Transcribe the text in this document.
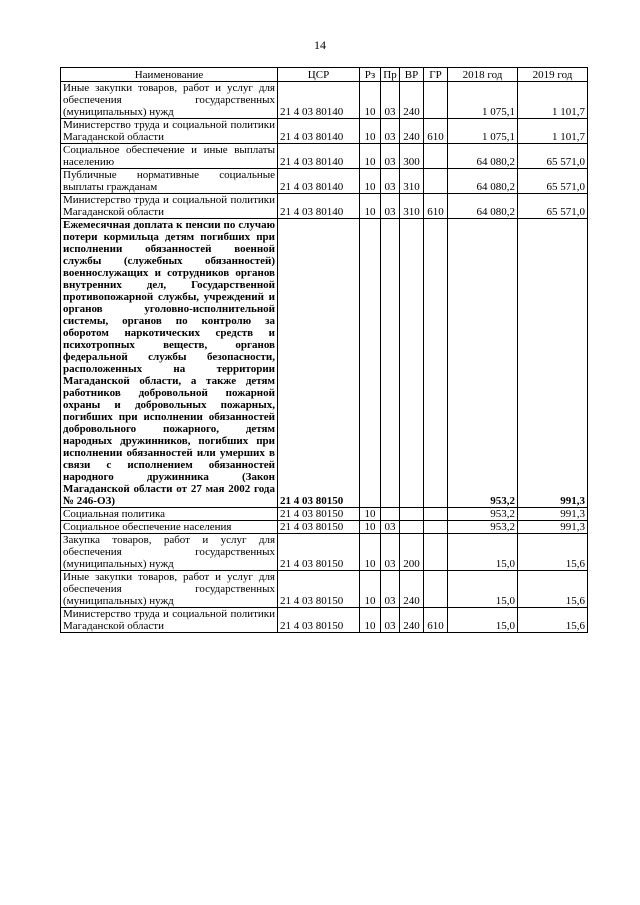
14
Наименование	ЦСР	Рз	Пр	ВР	ГР	2018 год	2019 год
Иные закупки товаров, работ и услуг для обеспечения государственных (муниципальных) нужд	21 4 03 80140	10	03	240		1 075,1	1 101,7
Министерство труда и социальной политики Магаданской области	21 4 03 80140	10	03	240	610	1 075,1	1 101,7
Социальное обеспечение и иные выплаты населению	21 4 03 80140	10	03	300		64 080,2	65 571,0
Публичные нормативные социальные выплаты гражданам	21 4 03 80140	10	03	310		64 080,2	65 571,0
Министерство труда и социальной политики Магаданской области	21 4 03 80140	10	03	310	610	64 080,2	65 571,0
Ежемесячная доплата к пенсии по случаю потери кормильца детям погибших при исполнении обязанностей военной службы (служебных обязанностей) военнослужащих и сотрудников органов внутренних дел, Государственной противопожарной службы, учреждений и органов уголовно-исполнительной системы, органов по контролю за оборотом наркотических средств и психотропных веществ, органов федеральной службы безопасности, расположенных на территории Магаданской области, а также детям работников добровольной пожарной охраны и добровольных пожарных, погибших при исполнении обязанностей добровольного пожарного, детям народных дружинников, погибших при исполнении обязанностей или умерших в связи с исполнением обязанностей народного дружинника (Закон Магаданской области от 27 мая 2002 года № 246-ОЗ)	21 4 03 80150					953,2	991,3
Социальная политика	21 4 03 80150	10				953,2	991,3
Социальное обеспечение населения	21 4 03 80150	10	03			953,2	991,3
Закупка товаров, работ и услуг для обеспечения государственных (муниципальных) нужд	21 4 03 80150	10	03	200		15,0	15,6
Иные закупки товаров, работ и услуг для обеспечения государственных (муниципальных) нужд	21 4 03 80150	10	03	240		15,0	15,6
Министерство труда и социальной политики Магаданской области	21 4 03 80150	10	03	240	610	15,0	15,6
